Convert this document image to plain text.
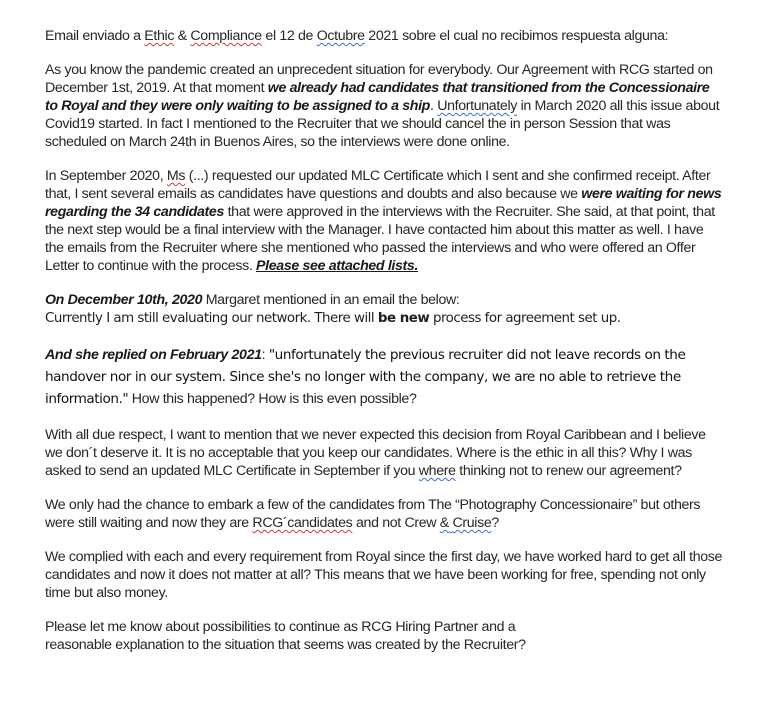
Email enviado a Ethic & Compliance el 12 de Octubre 2021 sobre el cual no recibimos respuesta alguna:

As you know the pandemic created an unprecedent situation for everybody. Our Agreement with RCG started on December 1st, 2019. At that moment we already had candidates that transitioned from the Concessionaire to Royal and they were only waiting to be assigned to a ship. Unfortunately in March 2020 all this issue about Covid19 started. In fact I mentioned to the Recruiter that we should cancel the in person Session that was scheduled on March 24th in Buenos Aires, so the interviews were done online.

In September 2020, Ms (...) requested our updated MLC Certificate which I sent and she confirmed receipt. After that, I sent several emails as candidates have questions and doubts and also because we were waiting for news regarding the 34 candidates that were approved in the interviews with the Recruiter. She said, at that point, that the next step would be a final interview with the Manager. I have contacted him about this matter as well. I have the emails from the Recruiter where she mentioned who passed the interviews and who were offered an Offer Letter to continue with the process. Please see attached lists.

On December 10th, 2020 Margaret mentioned in an email the below:
Currently I am still evaluating our network. There will be new process for agreement set up.

And she replied on February 2021: "unfortunately the previous recruiter did not leave records on the handover nor in our system. Since she's no longer with the company, we are no able to retrieve the information." How this happened? How is this even possible?

With all due respect, I want to mention that we never expected this decision from Royal Caribbean and I believe we don´t deserve it. It is no acceptable that you keep our candidates. Where is the ethic in all this? Why I was asked to send an updated MLC Certificate in September if you where thinking not to renew our agreement?

We only had the chance to embark a few of the candidates from The “Photography Concessionaire” but others were still waiting and now they are RCG´candidates and not Crew & Cruise?

We complied with each and every requirement from Royal since the first day, we have worked hard to get all those candidates and now it does not matter at all? This means that we have been working for free, spending not only time but also money.

Please let me know about possibilities to continue as RCG Hiring Partner and a
reasonable explanation to the situation that seems was created by the Recruiter?
